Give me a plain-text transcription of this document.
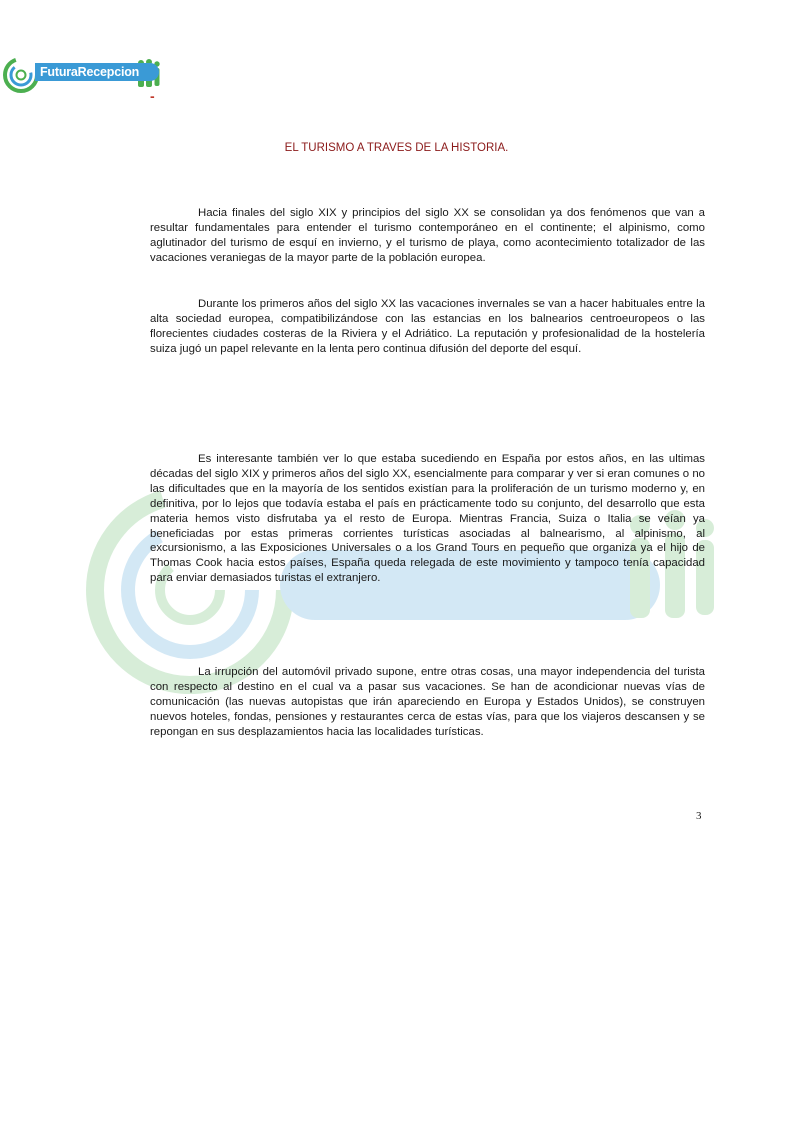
FuturaRecepcion
-
EL TURISMO A TRAVES DE LA HISTORIA.

Hacia finales del siglo XIX y principios del siglo XX se consolidan ya dos fenómenos que van a resultar fundamentales para entender el turismo contemporáneo en el continente; el alpinismo, como aglutinador del turismo de esquí en invierno, y el turismo de playa, como acontecimiento totalizador de las vacaciones veraniegas de la mayor parte de la población europea.

Durante los primeros años del siglo XX las vacaciones invernales se van a hacer habituales entre la alta sociedad europea, compatibilizándose con las estancias en los balnearios centroeuropeos o las florecientes ciudades costeras de la Riviera y el Adriático. La reputación y profesionalidad de la hostelería suiza jugó un papel relevante en la lenta pero continua difusión del deporte del esquí.

Es interesante también ver lo que estaba sucediendo en España por estos años, en las ultimas décadas del siglo XIX y primeros años del siglo XX, esencialmente para comparar y ver si eran comunes o no las dificultades que en la mayoría de los sentidos existían para la proliferación de un turismo moderno y, en definitiva, por lo lejos que todavía estaba el país en prácticamente todo su conjunto, del desarrollo que esta materia hemos visto disfrutaba ya el resto de Europa. Mientras Francia, Suiza o Italia se veían ya beneficiadas por estas primeras corrientes turísticas asociadas al balnearismo, al alpinismo, al excursionismo, a las Exposiciones Universales o a los Grand Tours en pequeño que organiza ya el hijo de Thomas Cook hacia estos países, España queda relegada de este movimiento y tampoco tenía capacidad para enviar demasiados turistas el extranjero.

La irrupción del automóvil privado supone, entre otras cosas, una mayor independencia del turista con respecto al destino en el cual va a pasar sus vacaciones. Se han de acondicionar nuevas vías de comunicación (las nuevas autopistas que irán apareciendo en Europa y Estados Unidos), se construyen nuevos hoteles, fondas, pensiones y restaurantes cerca de estas vías, para que los viajeros descansen y se repongan en sus desplazamientos hacia las localidades turísticas.

3
